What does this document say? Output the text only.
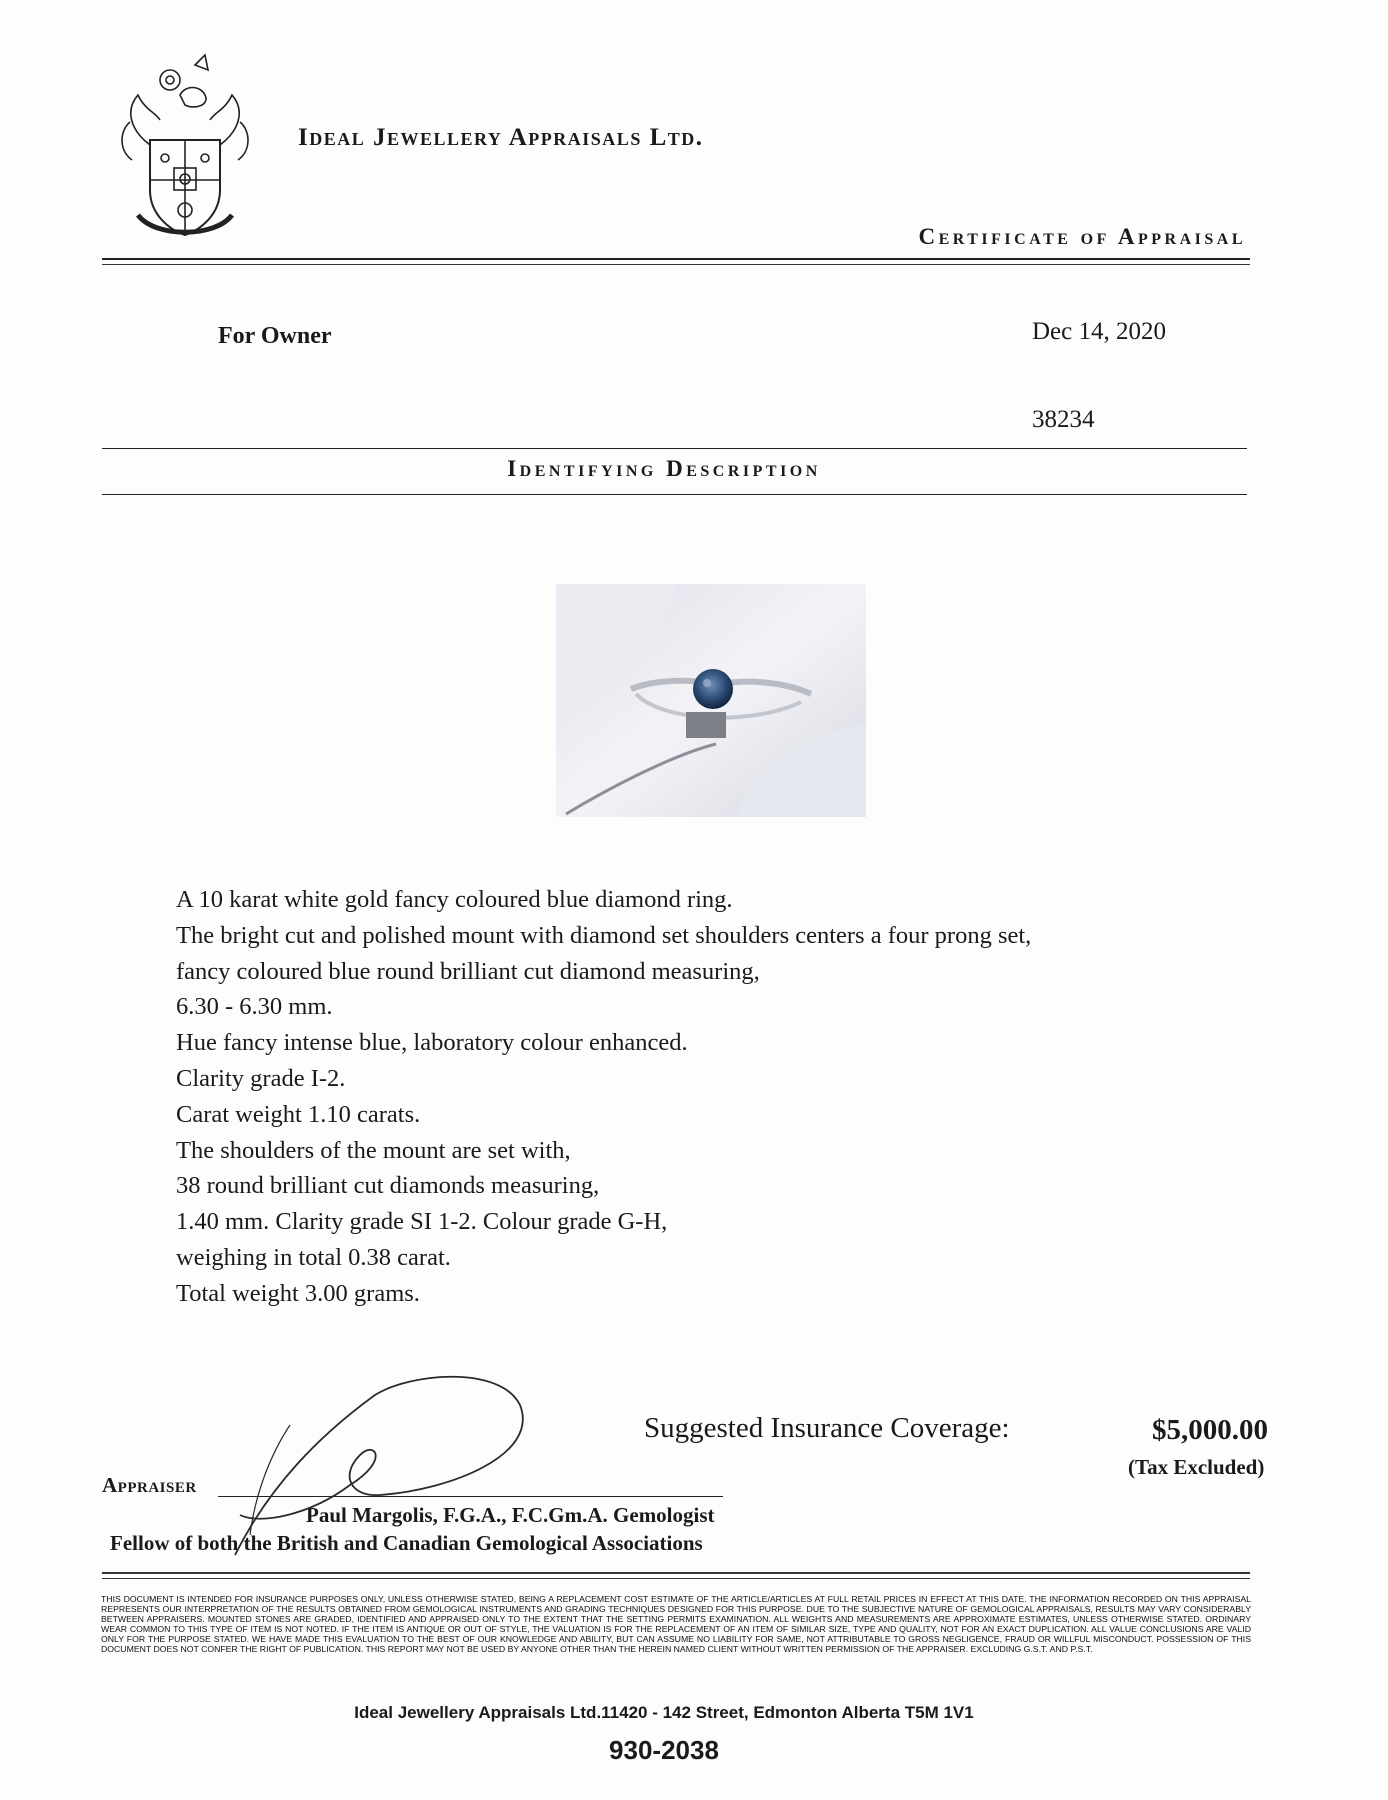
Ideal Jewellery Appraisals Ltd.
Certificate of Appraisal
For Owner	Dec 14, 2020
38234
Identifying Description
A 10 karat white gold fancy coloured blue diamond ring.
The bright cut and polished mount with diamond set shoulders centers a four prong set,
fancy coloured blue round brilliant cut diamond measuring,
6.30 - 6.30 mm.
Hue fancy intense blue, laboratory colour enhanced.
Clarity grade I-2.
Carat weight 1.10 carats.
The shoulders of the mount are set with,
38 round brilliant cut diamonds measuring,
1.40 mm. Clarity grade SI 1-2. Colour grade G-H,
weighing in total 0.38 carat.
Total weight 3.00 grams.
Suggested Insurance Coverage:	$5,000.00
(Tax Excluded)
Appraiser
Paul Margolis, F.G.A., F.C.Gm.A. Gemologist
Fellow of both the British and Canadian Gemological Associations
THIS DOCUMENT IS INTENDED FOR INSURANCE PURPOSES ONLY, UNLESS OTHERWISE STATED, BEING A REPLACEMENT COST ESTIMATE OF THE ARTICLE/ARTICLES AT FULL RETAIL PRICES IN EFFECT AT THIS DATE. THE INFORMATION RECORDED ON THIS APPRAISAL REPRESENTS OUR INTERPRETATION OF THE RESULTS OBTAINED FROM GEMOLOGICAL INSTRUMENTS AND GRADING TECHNIQUES DESIGNED FOR THIS PURPOSE. DUE TO THE SUBJECTIVE NATURE OF GEMOLOGICAL APPRAISALS, RESULTS MAY VARY CONSIDERABLY BETWEEN APPRAISERS. MOUNTED STONES ARE GRADED, IDENTIFIED AND APPRAISED ONLY TO THE EXTENT THAT THE SETTING PERMITS EXAMINATION. ALL WEIGHTS AND MEASUREMENTS ARE APPROXIMATE ESTIMATES, UNLESS OTHERWISE STATED. ORDINARY WEAR COMMON TO THIS TYPE OF ITEM IS NOT NOTED. IF THE ITEM IS ANTIQUE OR OUT OF STYLE, THE VALUATION IS FOR THE REPLACEMENT OF AN ITEM OF SIMILAR SIZE, TYPE AND QUALITY, NOT FOR AN EXACT DUPLICATION. ALL VALUE CONCLUSIONS ARE VALID ONLY FOR THE PURPOSE STATED. WE HAVE MADE THIS EVALUATION TO THE BEST OF OUR KNOWLEDGE AND ABILITY, BUT CAN ASSUME NO LIABILITY FOR SAME, NOT ATTRIBUTABLE TO GROSS NEGLIGENCE, FRAUD OR WILLFUL MISCONDUCT. POSSESSION OF THIS DOCUMENT DOES NOT CONFER THE RIGHT OF PUBLICATION. THIS REPORT MAY NOT BE USED BY ANYONE OTHER THAN THE HEREIN NAMED CLIENT WITHOUT WRITTEN PERMISSION OF THE APPRAISER. EXCLUDING G.S.T. AND P.S.T.
Ideal Jewellery Appraisals Ltd.11420 - 142 Street, Edmonton Alberta T5M 1V1
930-2038
